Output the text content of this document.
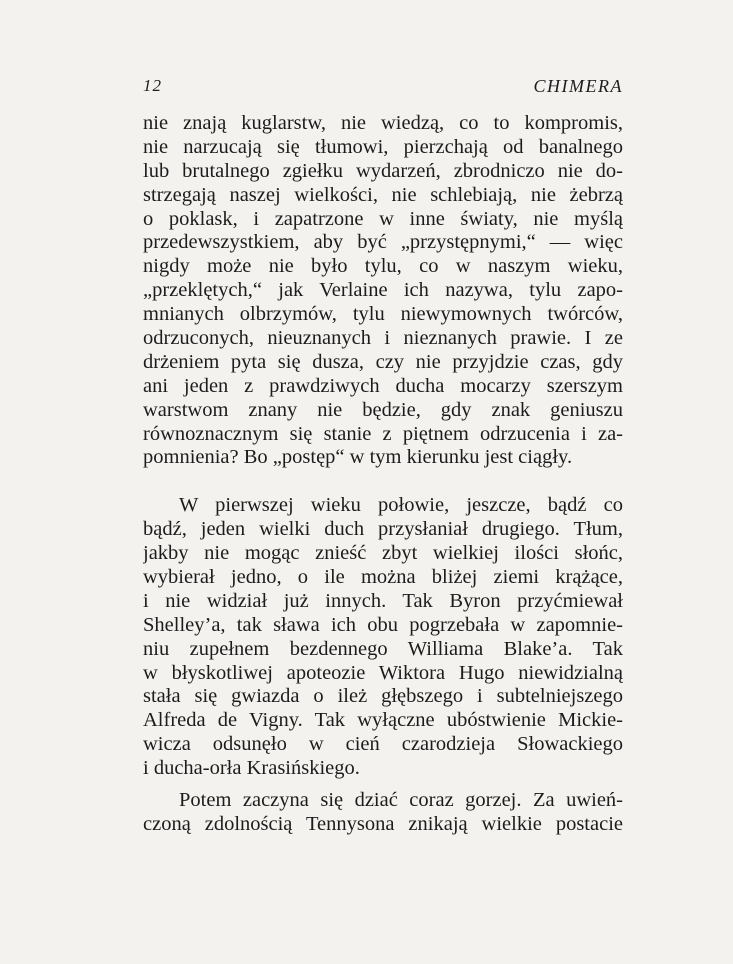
12	CHIMERA
nie znają kuglarstw, nie wiedzą, co to kompromis,
nie narzucają się tłumowi, pierzchają od banalnego
lub brutalnego zgiełku wydarzeń, zbrodniczo nie do-
strzegają naszej wielkości, nie schlebiają, nie żebrzą
o poklask, i zapatrzone w inne światy, nie myślą
przedewszystkiem, aby być „przystępnymi,“ — więc
nigdy może nie było tylu, co w naszym wieku,
„przeklętych,“ jak Verlaine ich nazywa, tylu zapo-
mnianych olbrzymów, tylu niewymownych twórców,
odrzuconych, nieuznanych i nieznanych prawie. I ze
drżeniem pyta się dusza, czy nie przyjdzie czas, gdy
ani jeden z prawdziwych ducha mocarzy szerszym
warstwom znany nie będzie, gdy znak geniuszu
równoznacznym się stanie z piętnem odrzucenia i za-
pomnienia? Bo „postęp“ w tym kierunku jest ciągły.
W pierwszej wieku połowie, jeszcze, bądź co
bądź, jeden wielki duch przysłaniał drugiego. Tłum,
jakby nie mogąc znieść zbyt wielkiej ilości słońc,
wybierał jedno, o ile można bliżej ziemi krążące,
i nie widział już innych. Tak Byron przyćmiewał
Shelley’a, tak sława ich obu pogrzebała w zapomnie-
niu zupełnem bezdennego Williama Blake’a. Tak
w błyskotliwej apoteozie Wiktora Hugo niewidzialną
stała się gwiazda o ileż głębszego i subtelniejszego
Alfreda de Vigny. Tak wyłączne ubóstwienie Mickie-
wicza odsunęło w cień czarodzieja Słowackiego
i ducha-orła Krasińskiego.
Potem zaczyna się dziać coraz gorzej. Za uwień-
czoną zdolnością Tennysona znikają wielkie postacie
